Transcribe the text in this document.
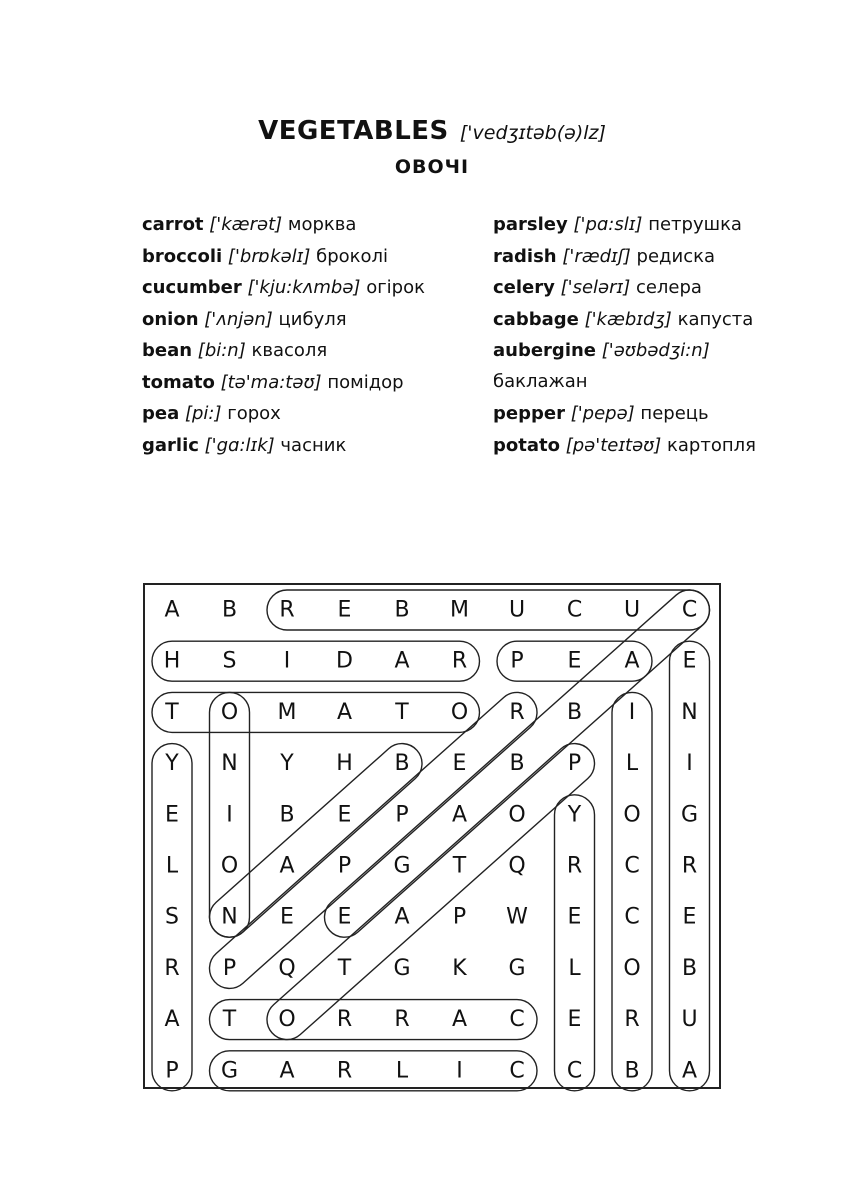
VEGETABLES ['vedʒɪtəb(ə)lz]
ОВОЧІ
carrot ['kærət] морква
broccoli ['brɒkəlɪ] броколі
cucumber ['kju:kʌmbə] огірок
onion ['ʌnjən] цибуля
bean [bi:n] квасоля
tomato [tə'ma:təʊ] помідор
pea [pi:] горох
garlic ['gɑ:lɪk] часник
parsley ['pɑ:slɪ] петрушка
radish ['rædɪʃ] редиска
celery ['selərɪ] селера
cabbage ['kæbɪdʒ] капуста
aubergine ['əʊbədʒi:n]
баклажан
pepper ['pepə] перець
potato [pə'teɪtəʊ] картопля
A B R E B M U C U C
H S I D A R P E A E
T O M A T O R B I N
Y N Y H B E B P L I
E I B E P A O Y O G
L O A P G T Q R C R
S N E E A P W E C E
R P Q T G K G L O B
A T O R R A C E R U
P G A R L I C C B A
